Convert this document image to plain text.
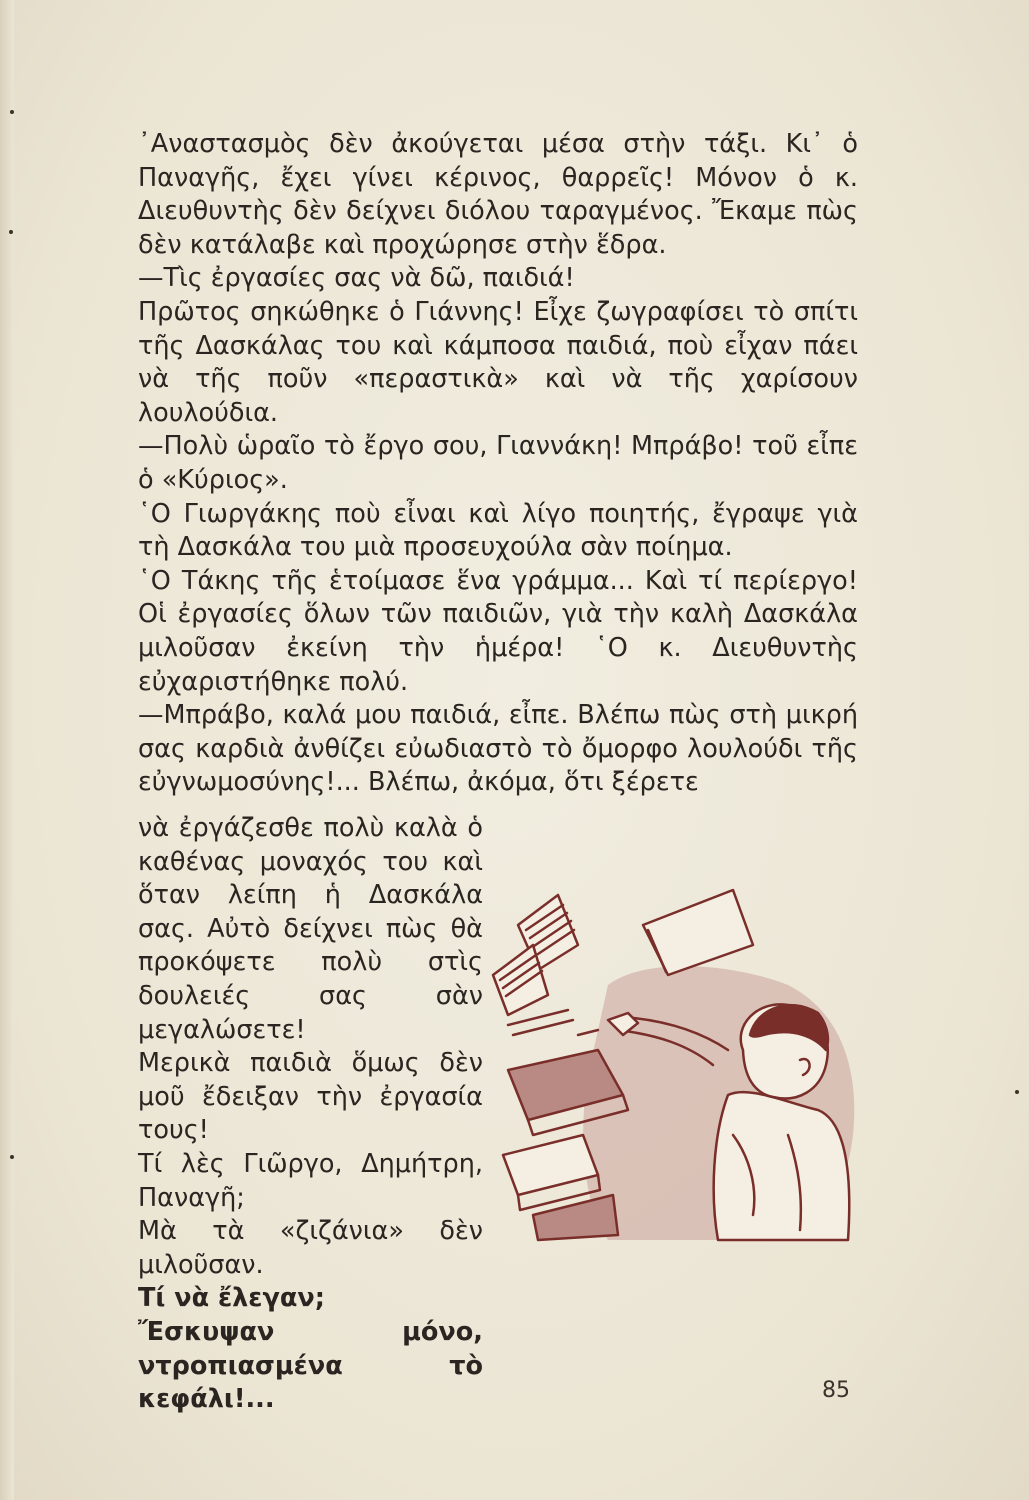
᾿Αναστασμὸς δὲν ἀκούγεται μέσα στὴν τάξι. Κι᾿ ὁ Παναγῆς, ἔχει γίνει κέρινος, θαρρεῖς! Μόνον ὁ κ. Διευθυντὴς δὲν δείχνει διόλου ταραγμένος. Ἔκαμε πὼς δὲν κατάλαβε καὶ προχώρησε στὴν ἕδρα.

—Τὶς ἐργασίες σας νὰ δῶ, παιδιά!

Πρῶτος σηκώθηκε ὁ Γιάννης! Εἶχε ζωγραφίσει τὸ σπίτι τῆς Δασκάλας του καὶ κάμποσα παιδιά, ποὺ εἶχαν πάει νὰ τῆς ποῦν «περαστικὰ» καὶ νὰ τῆς χαρίσουν λουλούδια.

—Πολὺ ὡραῖο τὸ ἔργο σου, Γιαννάκη! Μπράβο! τοῦ εἶπε ὁ «Κύριος».

῾Ο Γιωργάκης ποὺ εἶναι καὶ λίγο ποιητής, ἔγραψε γιὰ τὴ Δασκάλα του μιὰ προσευχούλα σὰν ποίημα.

῾Ο Τάκης τῆς ἑτοίμασε ἕνα γράμμα... Καὶ τί περίεργο! Οἱ ἐργασίες ὅλων τῶν παιδιῶν, γιὰ τὴν καλὴ Δασκάλα μιλοῦσαν ἐκείνη τὴν ἡμέρα! ῾Ο κ. Διευθυντὴς εὐχαριστήθηκε πολύ.

—Μπράβο, καλά μου παιδιά, εἶπε. Βλέπω πὼς στὴ μικρή σας καρδιὰ ἀνθίζει εὐωδιαστὸ τὸ ὄμορφο λουλούδι τῆς εὐγνωμοσύνης!... Βλέπω, ἀκόμα, ὅτι ξέρετε

νὰ ἐργάζεσθε πολὺ καλὰ ὁ καθένας μοναχός του καὶ ὅταν λείπη ἡ Δασκάλα σας. Αὐτὸ δείχνει πὼς θὰ προκόψετε πολὺ στὶς δουλειές σας σὰν μεγαλώσετε!

Μερικὰ παιδιὰ ὅμως δὲν μοῦ ἔδειξαν τὴν ἐργασία τους!

Τί λὲς Γιῶργο, Δημήτρη, Παναγῆ;

Μὰ τὰ «ζιζάνια» δὲν μιλοῦσαν.

Τί νὰ ἔλεγαν;

Ἔσκυψαν μόνο, ντροπιασμένα τὸ κεφάλι!...	85
